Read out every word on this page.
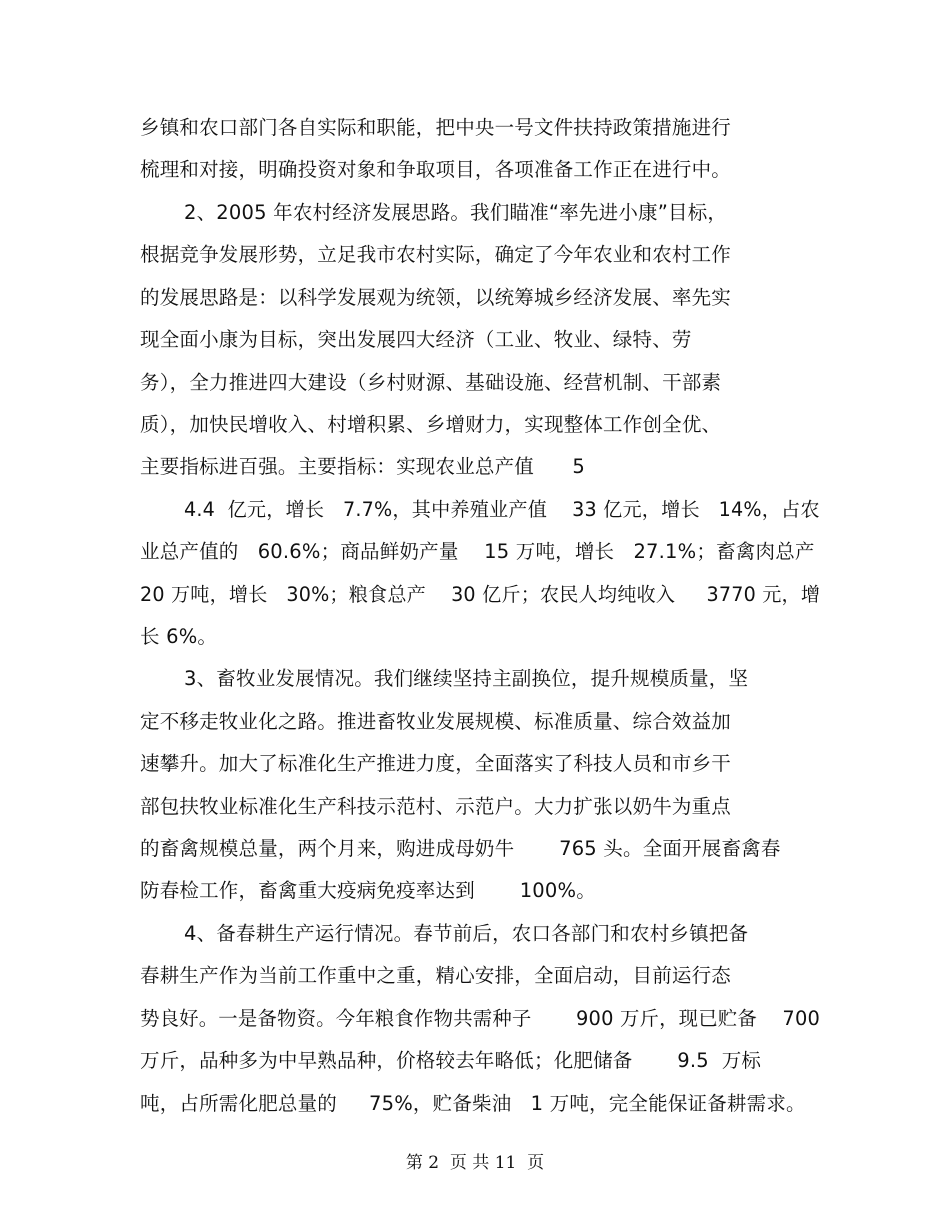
乡镇和农口部门各自实际和职能，把中央一号文件扶持政策措施进行
梳理和对接，明确投资对象和争取项目，各项准备工作正在进行中。
2、2005 年农村经济发展思路。我们瞄准“率先进小康”目标，
根据竞争发展形势，立足我市农村实际，确定了今年农业和农村工作
的发展思路是：以科学发展观为统领，以统筹城乡经济发展、率先实
现全面小康为目标，突出发展四大经济（工业、牧业、绿特、劳
务），全力推进四大建设（乡村财源、基础设施、经营机制、干部素
质），加快民增收入、村增积累、乡增财力，实现整体工作创全优、
主要指标进百强。主要指标：实现农业总产值      5
4.4  亿元，增长   7.7%，其中养殖业产值    33 亿元，增长   14%，占农
业总产值的   60.6%；商品鲜奶产量    15 万吨，增长   27.1%；畜禽肉总产
20 万吨，增长   30%；粮食总产    30 亿斤；农民人均纯收入     3770 元，增
长 6%。
3、畜牧业发展情况。我们继续坚持主副换位，提升规模质量，坚
定不移走牧业化之路。推进畜牧业发展规模、标准质量、综合效益加
速攀升。加大了标准化生产推进力度，全面落实了科技人员和市乡干
部包扶牧业标准化生产科技示范村、示范户。大力扩张以奶牛为重点
的畜禽规模总量，两个月来，购进成母奶牛       765 头。全面开展畜禽春
防春检工作，畜禽重大疫病免疫率达到       100%。
4、备春耕生产运行情况。春节前后，农口各部门和农村乡镇把备
春耕生产作为当前工作重中之重，精心安排，全面启动，目前运行态
势良好。一是备物资。今年粮食作物共需种子       900 万斤，现已贮备    700
万斤，品种多为中早熟品种，价格较去年略低；化肥储备       9.5  万标
吨，占所需化肥总量的     75%，贮备柴油   1 万吨，完全能保证备耕需求。
第 2  页 共 11  页
